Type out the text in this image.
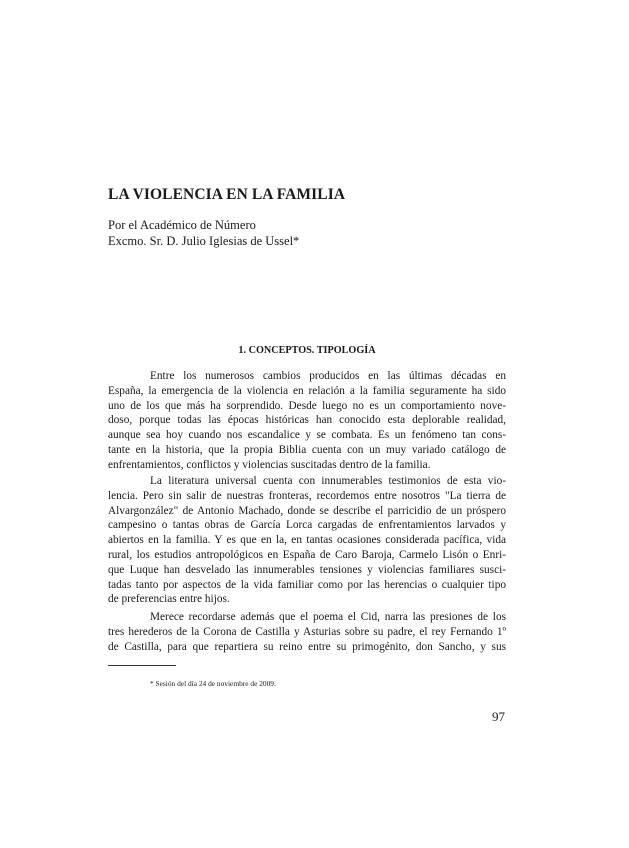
LA VIOLENCIA EN LA FAMILIA
Por el Académico de Número
Excmo. Sr. D. Julio Iglesias de Ussel*
1. CONCEPTOS. TIPOLOGÍA
Entre los numerosos cambios producidos en las últimas décadas en
España, la emergencia de la violencia en relación a la familia seguramente ha sido
uno de los que más ha sorprendido. Desde luego no es un comportamiento nove-
doso, porque todas las épocas históricas han conocido esta deplorable realidad,
aunque sea hoy cuando nos escandalice y se combata. Es un fenómeno tan cons-
tante en la historia, que la propia Biblia cuenta con un muy variado catálogo de
enfrentamientos, conflictos y violencias suscitadas dentro de la familia.
La literatura universal cuenta con innumerables testimonios de esta vio-
lencia. Pero sin salir de nuestras fronteras, recordemos entre nosotros "La tierra de
Alvargonzález" de Antonio Machado, donde se describe el parricidio de un próspero
campesino o tantas obras de García Lorca cargadas de enfrentamientos larvados y
abiertos en la familia. Y es que en la, en tantas ocasiones considerada pacífica, vida
rural, los estudios antropológicos en España de Caro Baroja, Carmelo Lisón o Enri-
que Luque han desvelado las innumerables tensiones y violencias familiares susci-
tadas tanto por aspectos de la vida familiar como por las herencias o cualquier tipo
de preferencias entre hijos.
Merece recordarse además que el poema el Cid, narra las presiones de los
tres herederos de la Corona de Castilla y Asturias sobre su padre, el rey Fernando 1º
de Castilla, para que repartiera su reino entre su primogénito, don Sancho, y sus
* Sesión del día 24 de noviembre de 2009.
97
